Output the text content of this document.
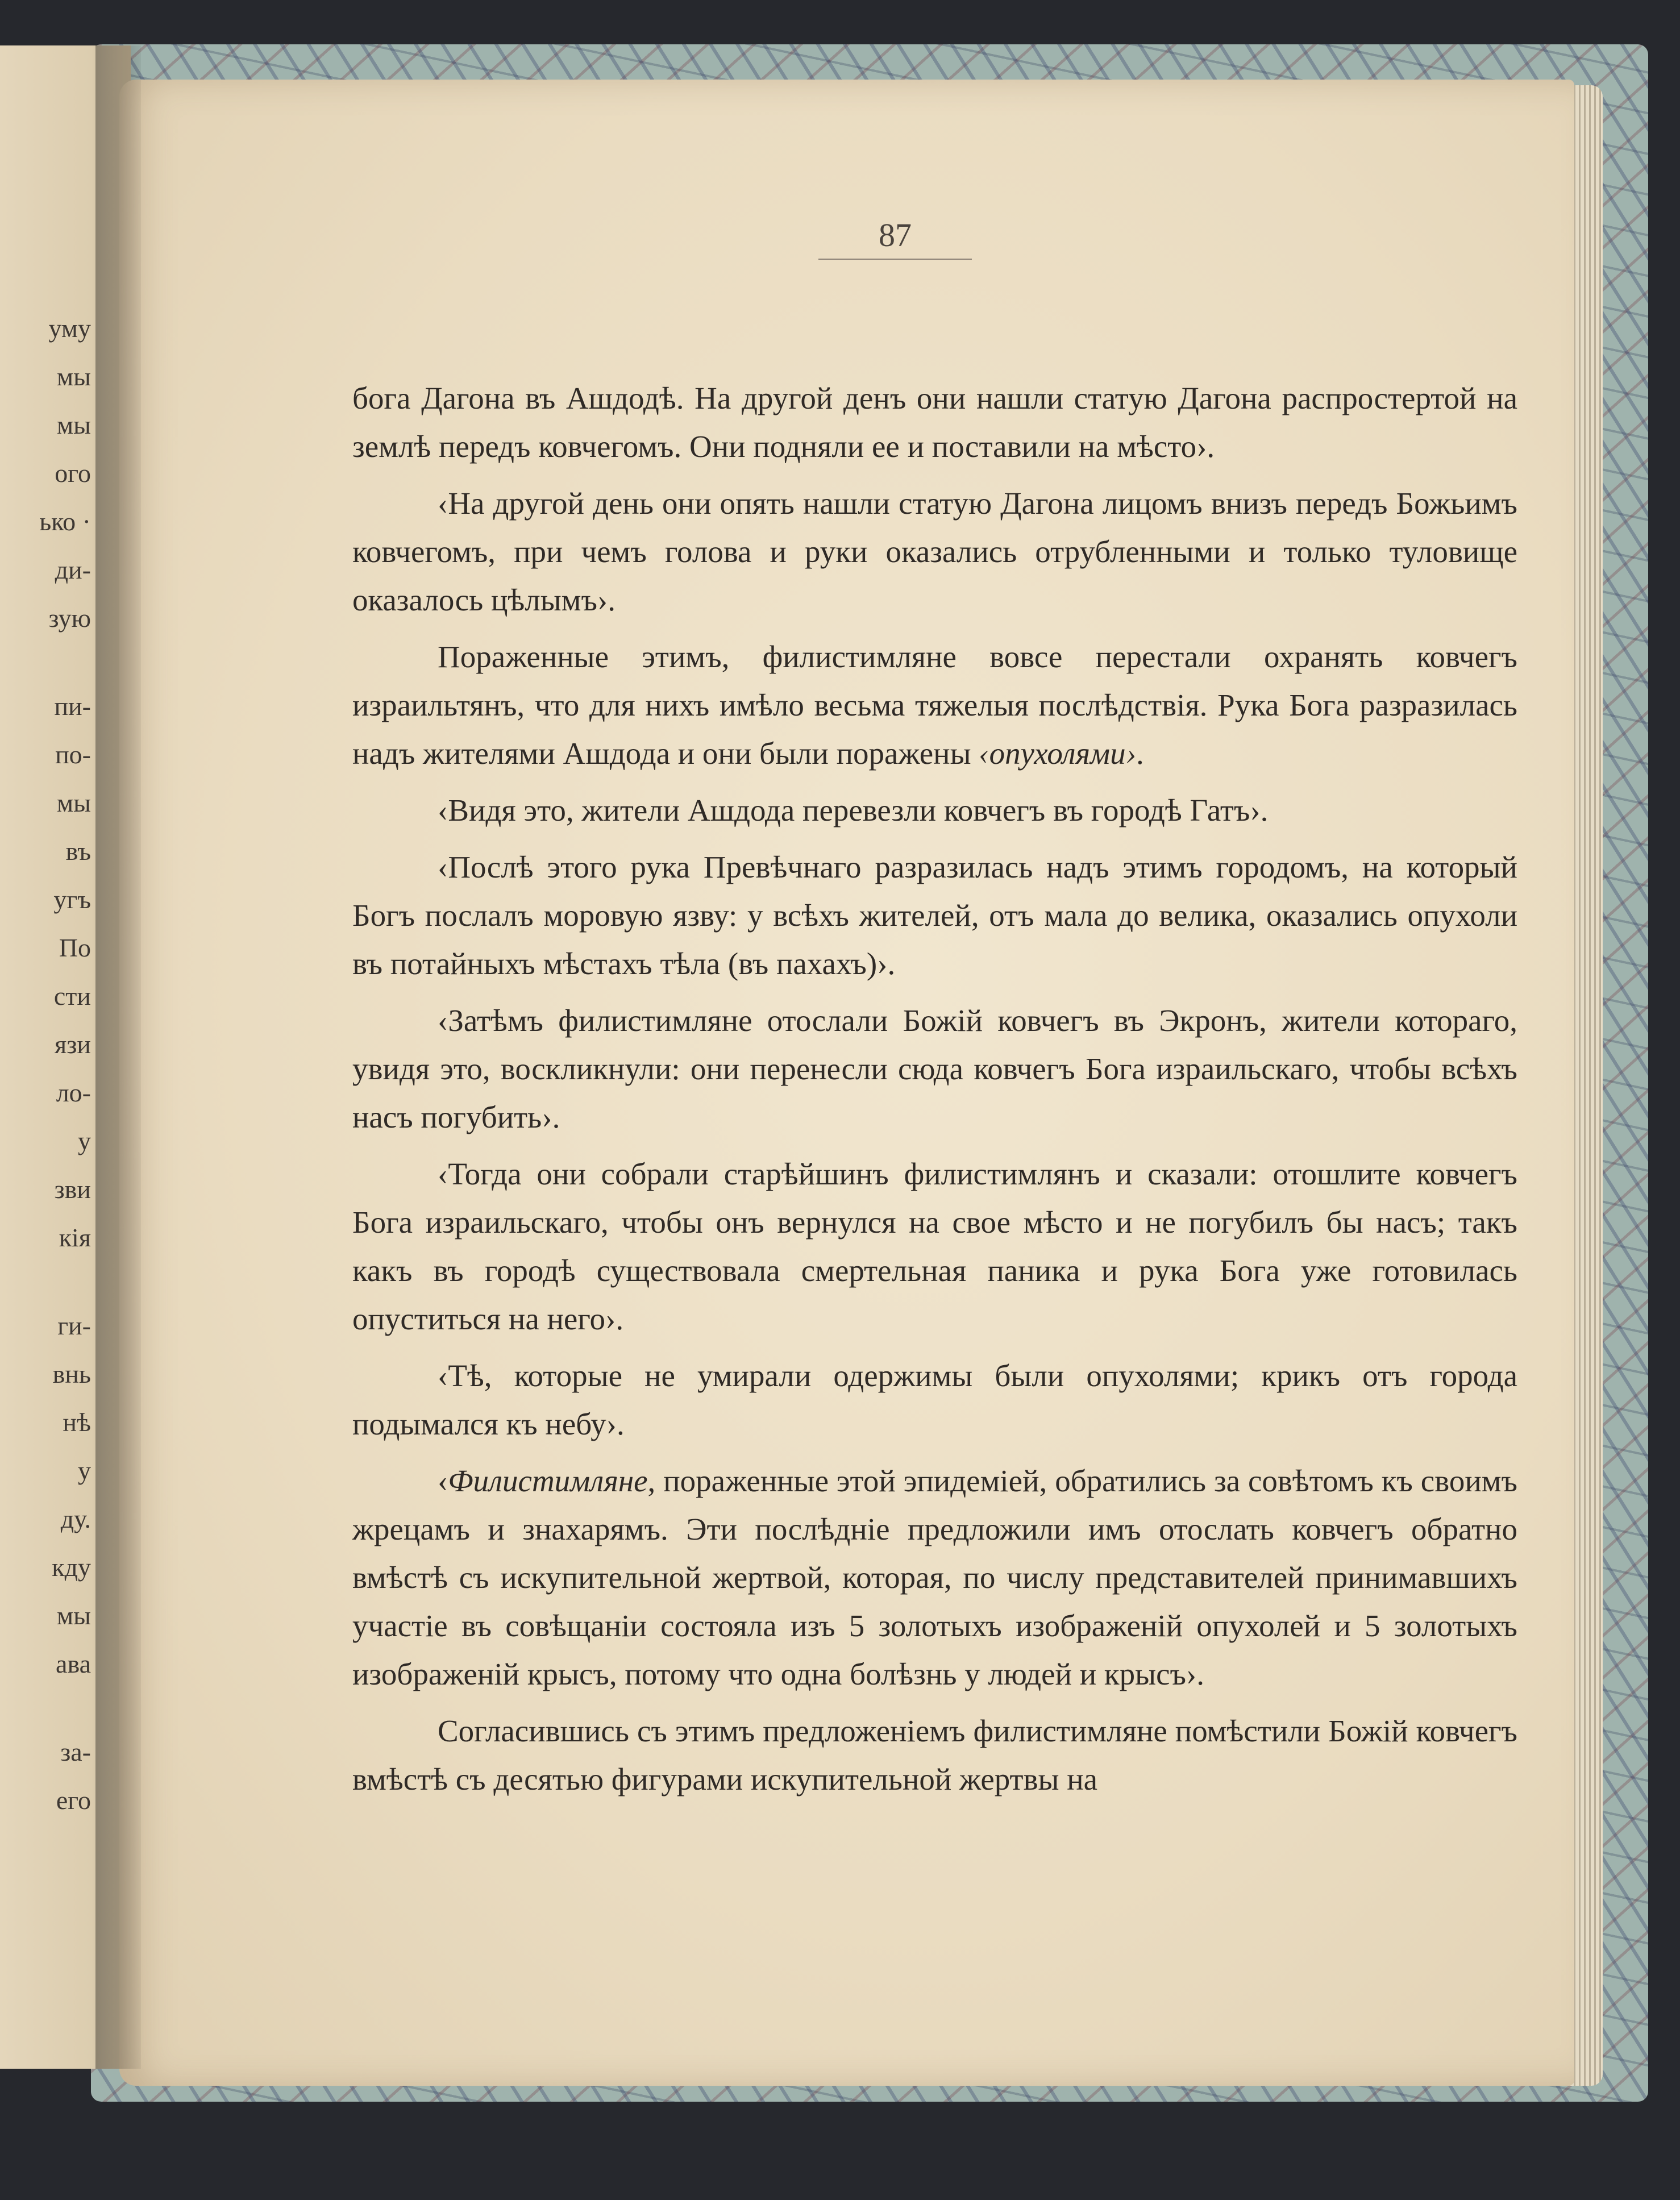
уму
мы
мы
ого
ько ·
ди-
зую
пи-
по-
мы
въ
угъ
По
сти
язи
ло-
у
зви
кія
ги-
внь
нѣ
у
ду.
кду
мы
ава
за-
его
87

бога Дагона въ Ашдодѣ. На другой денъ они нашли статую Дагона распростертой на землѣ передъ ковчегомъ. Они подняли ее и поставили на мѣсто›.

‹На другой день они опять нашли статую Дагона лицомъ внизъ передъ Божьимъ ковчегомъ, при чемъ голова и руки оказались отрубленными и только туловище оказалось цѣлымъ›.

Пораженные этимъ, филистимляне вовсе перестали охранять ковчегъ израильтянъ, что для нихъ имѣло весьма тяжелыя послѣдствія. Рука Бога разразилась надъ жителями Ашдода и они были поражены ‹опухолями›.

‹Видя это, жители Ашдода перевезли ковчегъ въ городѣ Гатъ›.

‹Послѣ этого рука Превѣчнаго разразилась надъ этимъ городомъ, на который Богъ послалъ моровую язву: у всѣхъ жителей, отъ мала до велика, оказались опухоли въ потайныхъ мѣстахъ тѣла (въ пахахъ)›.

‹Затѣмъ филистимляне отослали Божій ковчегъ въ Экронъ, жители котораго, увидя это, воскликнули: они перенесли сюда ковчегъ Бога израильскаго, чтобы всѣхъ насъ погубить›.

‹Тогда они собрали старѣйшинъ филистимлянъ и сказали: отошлите ковчегъ Бога израильскаго, чтобы онъ вернулся на свое мѣсто и не погубилъ бы насъ; такъ какъ въ городѣ существовала смертельная паника и рука Бога уже готовилась опуститься на него›.

‹Тѣ, которые не умирали одержимы были опухолями; крикъ отъ города подымался къ небу›.

‹Филистимляне, пораженные этой эпидеміей, обратились за совѣтомъ къ своимъ жрецамъ и знахарямъ. Эти послѣдніе предложили имъ отослать ковчегъ обратно вмѣстѣ съ искупительной жертвой, которая, по числу представителей принимавшихъ участіе въ совѣщаніи состояла изъ 5 золотыхъ изображеній опухолей и 5 золотыхъ изображеній крысъ, потому что одна болѣзнь у людей и крысъ›.

Согласившись съ этимъ предложеніемъ филистимляне помѣстили Божій ковчегъ вмѣстѣ съ десятью фигурами искупительной жертвы на
